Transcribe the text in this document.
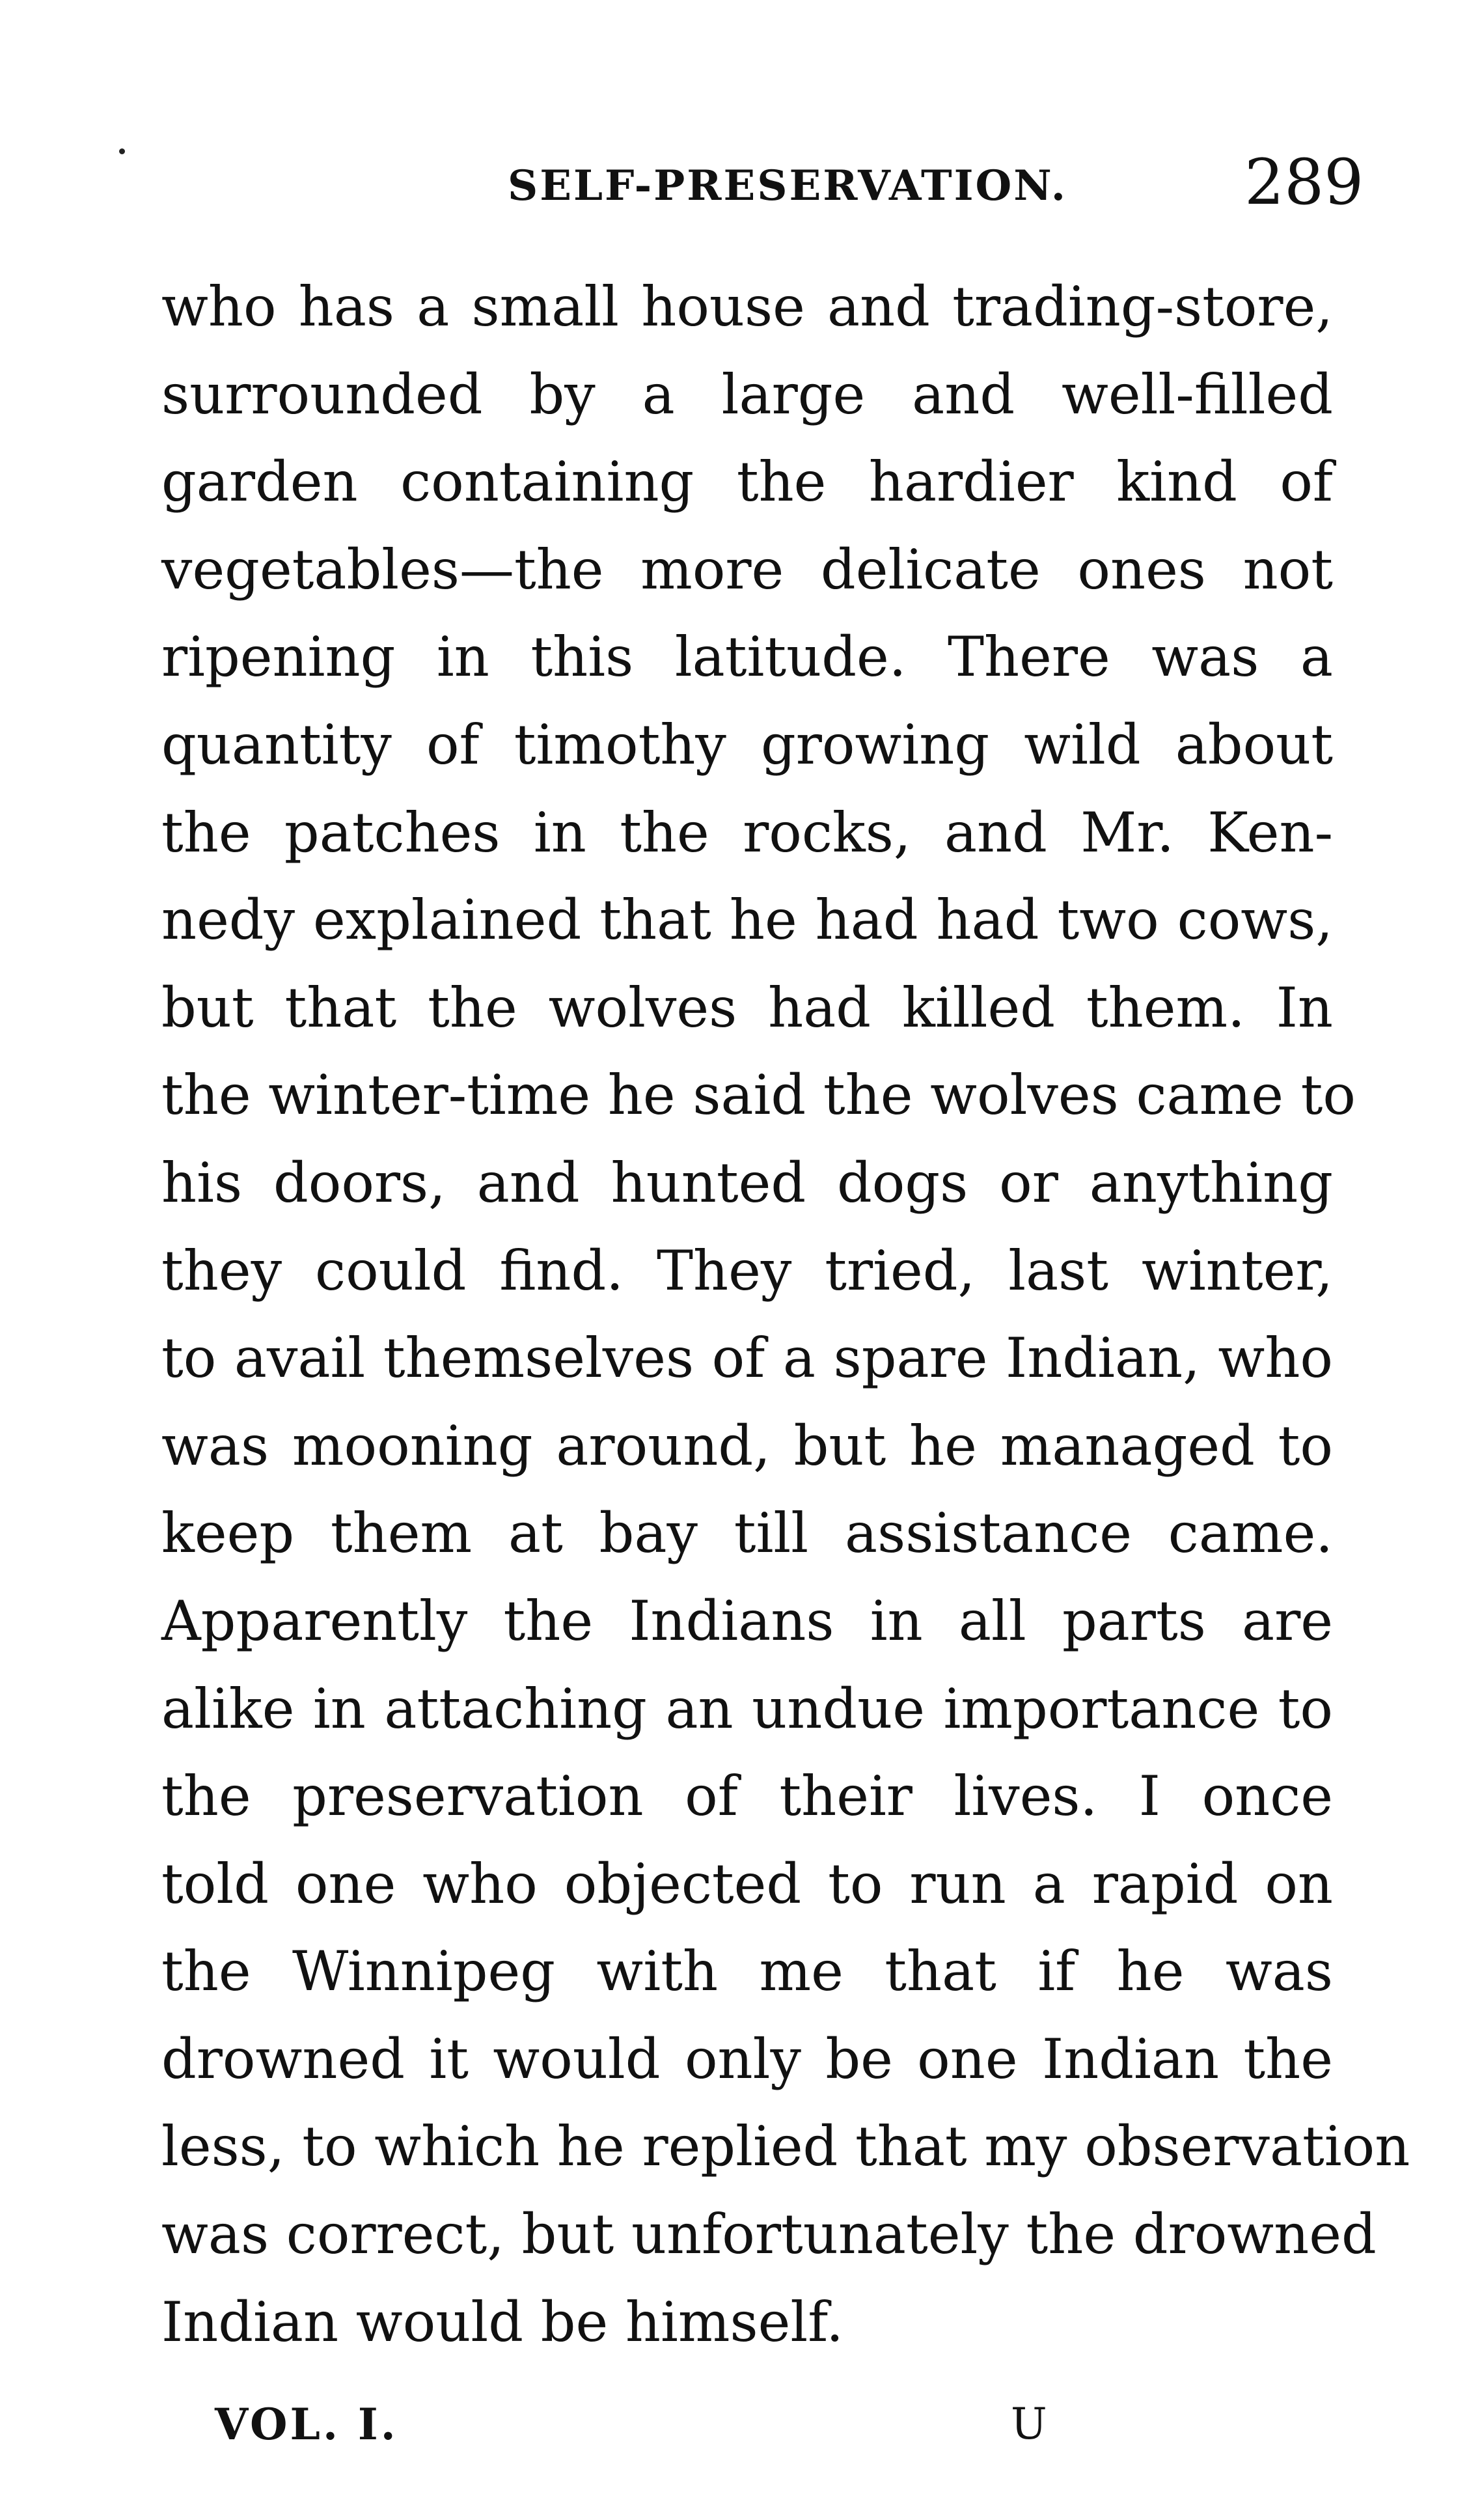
SELF-PRESERVATION.	289
who has a small house and trading-store,
surrounded by a large and well-filled
garden containing the hardier kind of
vegetables—the more delicate ones not
ripening in this latitude. There was a
quantity of timothy growing wild about
the patches in the rocks, and Mr. Ken-
nedy explained that he had had two cows,
but that the wolves had killed them. In
the winter-time he said the wolves came to
his doors, and hunted dogs or anything
they could find. They tried, last winter,
to avail themselves of a spare Indian, who
was mooning around, but he managed to
keep them at bay till assistance came.
Apparently the Indians in all parts are
alike in attaching an undue importance to
the preservation of their lives. I once
told one who objected to run a rapid on
the Winnipeg with me that if he was
drowned it would only be one Indian the
less, to which he replied that my observation
was correct, but unfortunately the drowned
Indian would be himself.
VOL. I.	U
